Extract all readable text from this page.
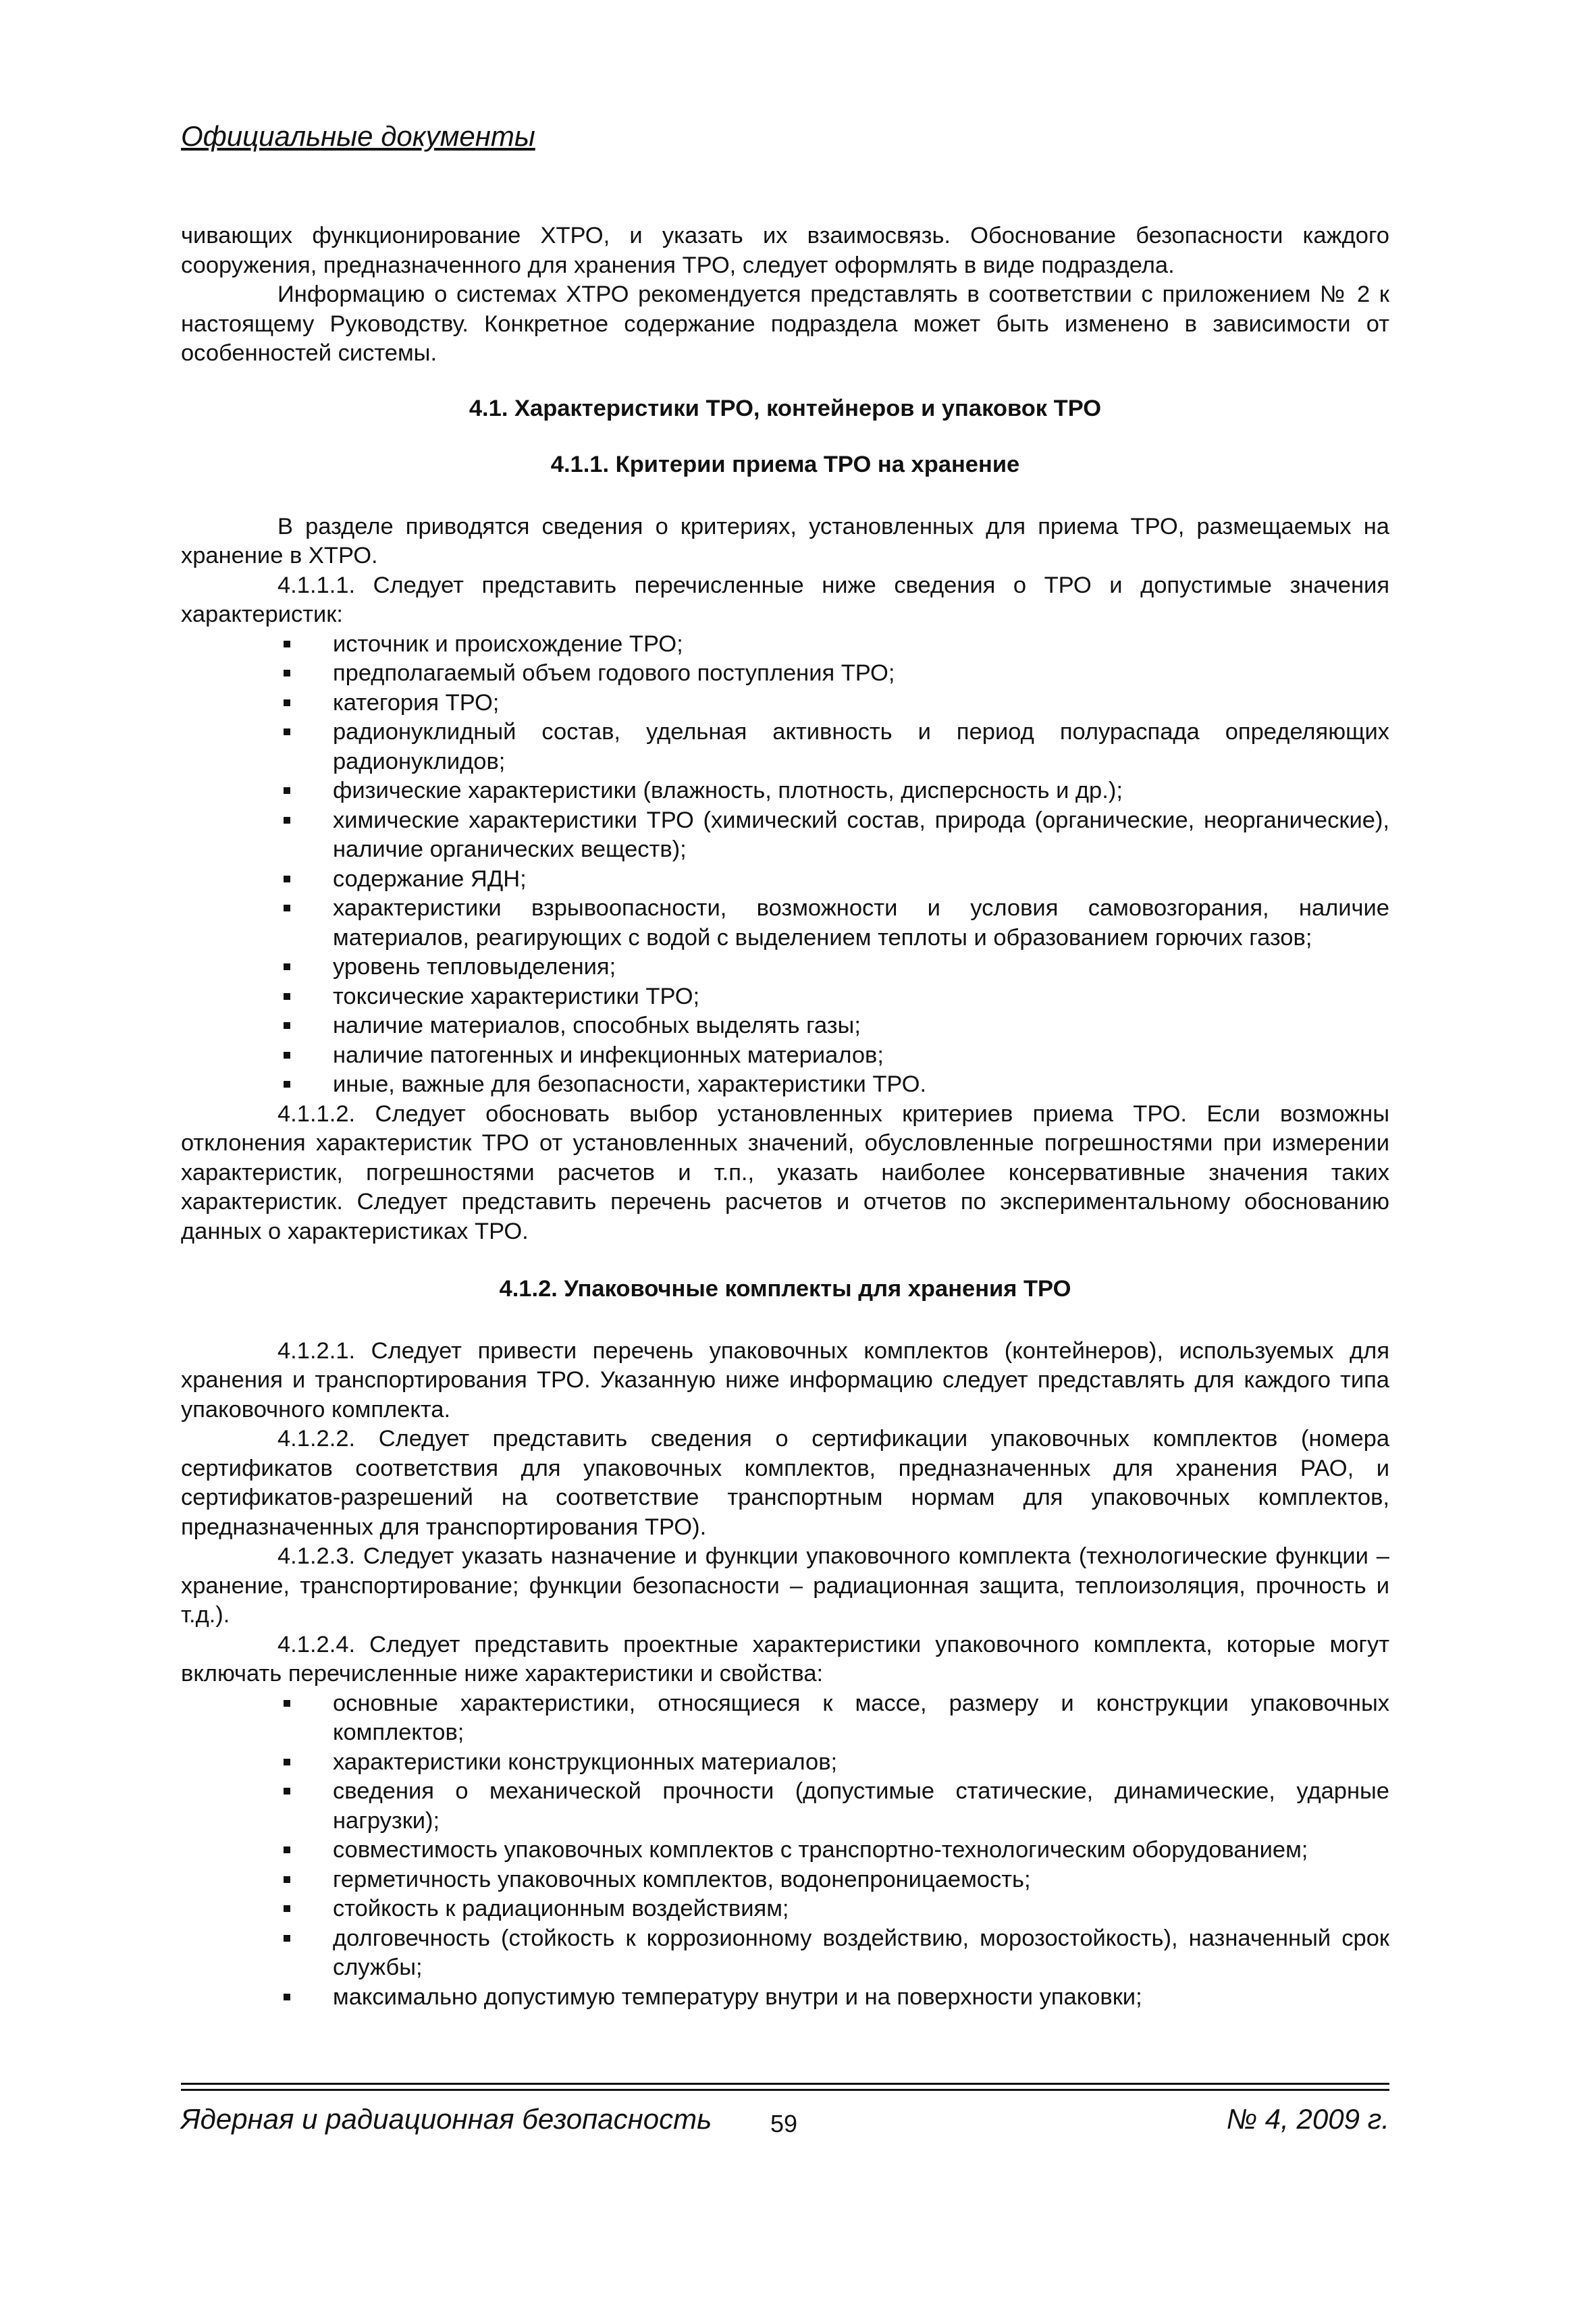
Официальные документы

чивающих функционирование ХТРО, и указать их взаимосвязь. Обоснование безопасности каждого сооружения, предназначенного для хранения ТРО, следует оформлять в виде подраздела.

Информацию о системах ХТРО рекомендуется представлять в соответствии с приложением № 2 к настоящему Руководству. Конкретное содержание подраздела может быть изменено в зависимости от особенностей системы.

4.1. Характеристики ТРО, контейнеров и упаковок ТРО

4.1.1. Критерии приема ТРО на хранение

В разделе приводятся сведения о критериях, установленных для приема ТРО, размещаемых на хранение в ХТРО.

4.1.1.1. Следует представить перечисленные ниже сведения о ТРО и допустимые значения характеристик:

источник и происхождение ТРО;
предполагаемый объем годового поступления ТРО;
категория ТРО;
радионуклидный состав, удельная активность и период полураспада определяющих радионуклидов;
физические характеристики (влажность, плотность, дисперсность и др.);
химические характеристики ТРО (химический состав, природа (органические, неорганические), наличие органических веществ);
содержание ЯДН;
характеристики взрывоопасности, возможности и условия самовозгорания, наличие материалов, реагирующих с водой с выделением теплоты и образованием горючих газов;
уровень тепловыделения;
токсические характеристики ТРО;
наличие материалов, способных выделять газы;
наличие патогенных и инфекционных материалов;
иные, важные для безопасности, характеристики ТРО.

4.1.1.2. Следует обосновать выбор установленных критериев приема ТРО. Если возможны отклонения характеристик ТРО от установленных значений, обусловленные погрешностями при измерении характеристик, погрешностями расчетов и т.п., указать наиболее консервативные значения таких характеристик. Следует представить перечень расчетов и отчетов по экспериментальному обоснованию данных о характеристиках ТРО.

4.1.2. Упаковочные комплекты для хранения ТРО

4.1.2.1. Следует привести перечень упаковочных комплектов (контейнеров), используемых для хранения и транспортирования ТРО. Указанную ниже информацию следует представлять для каждого типа упаковочного комплекта.

4.1.2.2. Следует представить сведения о сертификации упаковочных комплектов (номера сертификатов соответствия для упаковочных комплектов, предназначенных для хранения РАО, и сертификатов-разрешений на соответствие транспортным нормам для упаковочных комплектов, предназначенных для транспортирования ТРО).

4.1.2.3. Следует указать назначение и функции упаковочного комплекта (технологические функции – хранение, транспортирование; функции безопасности – радиационная защита, теплоизоляция, прочность и т.д.).

4.1.2.4. Следует представить проектные характеристики упаковочного комплекта, которые могут включать перечисленные ниже характеристики и свойства:

основные характеристики, относящиеся к массе, размеру и конструкции упаковочных комплектов;
характеристики конструкционных материалов;
сведения о механической прочности (допустимые статические, динамические, ударные нагрузки);
совместимость упаковочных комплектов с транспортно-технологическим оборудованием;
герметичность упаковочных комплектов, водонепроницаемость;
стойкость к радиационным воздействиям;
долговечность (стойкость к коррозионному воздействию, морозостойкость), назначенный срок службы;
максимально допустимую температуру внутри и на поверхности упаковки;
Ядерная и радиационная безопасность 59	№ 4, 2009 г.
